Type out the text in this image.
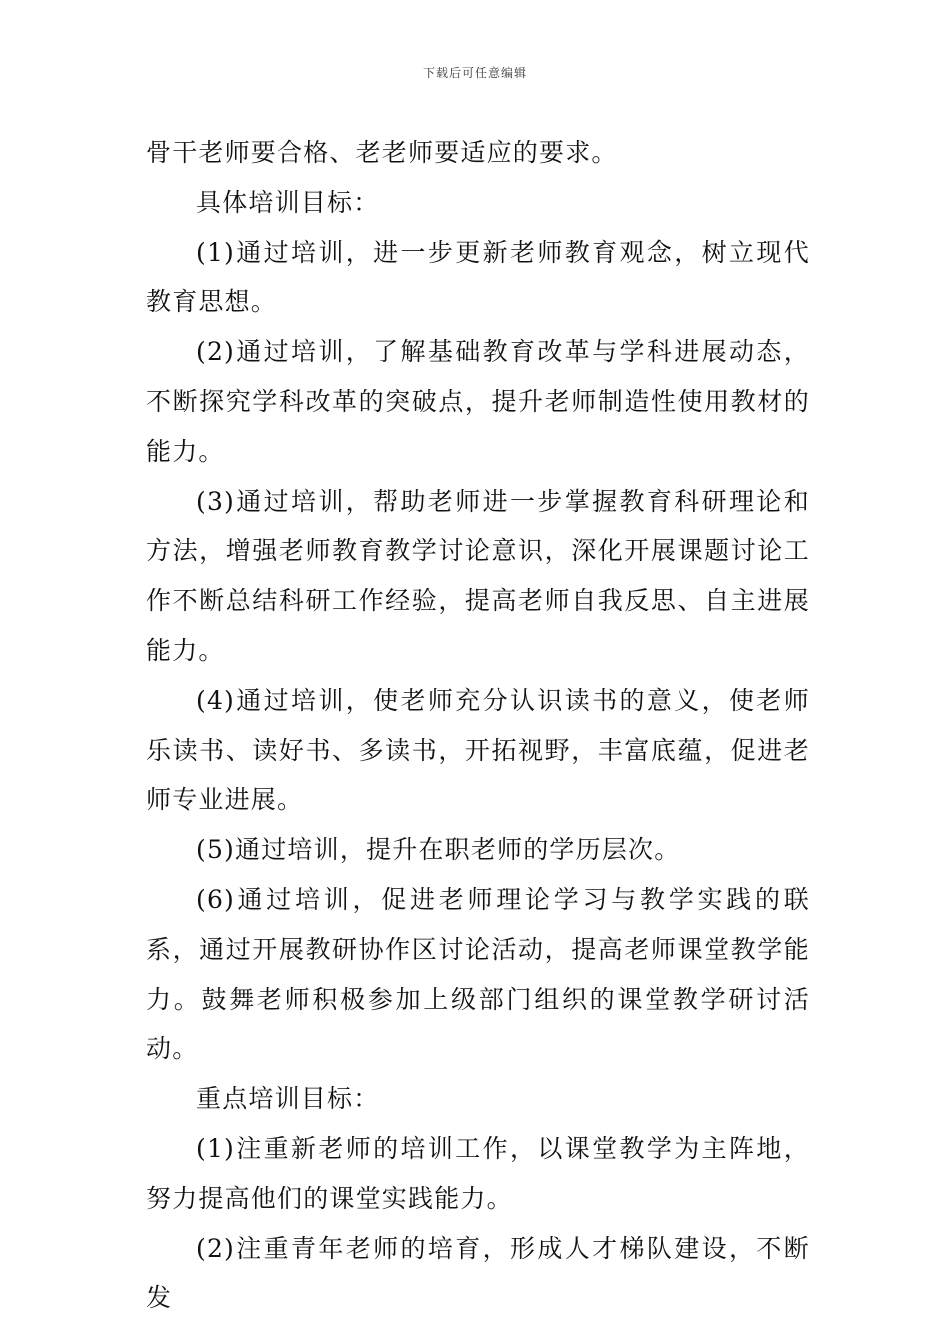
下载后可任意编辑

骨干老师要合格、老老师要适应的要求。

具体培训目标：

(1)通过培训，进一步更新老师教育观念，树立现代教育思想。

(2)通过培训，了解基础教育改革与学科进展动态，不断探究学科改革的突破点，提升老师制造性使用教材的能力。

(3)通过培训，帮助老师进一步掌握教育科研理论和方法，增强老师教育教学讨论意识，深化开展课题讨论工作不断总结科研工作经验，提高老师自我反思、自主进展能力。

(4)通过培训，使老师充分认识读书的意义，使老师乐读书、读好书、多读书，开拓视野，丰富底蕴，促进老师专业进展。

(5)通过培训，提升在职老师的学历层次。

(6)通过培训，促进老师理论学习与教学实践的联系，通过开展教研协作区讨论活动，提高老师课堂教学能力。鼓舞老师积极参加上级部门组织的课堂教学研讨活动。

重点培训目标：

(1)注重新老师的培训工作，以课堂教学为主阵地，努力提高他们的课堂实践能力。

(2)注重青年老师的培育，形成人才梯队建设，不断发
